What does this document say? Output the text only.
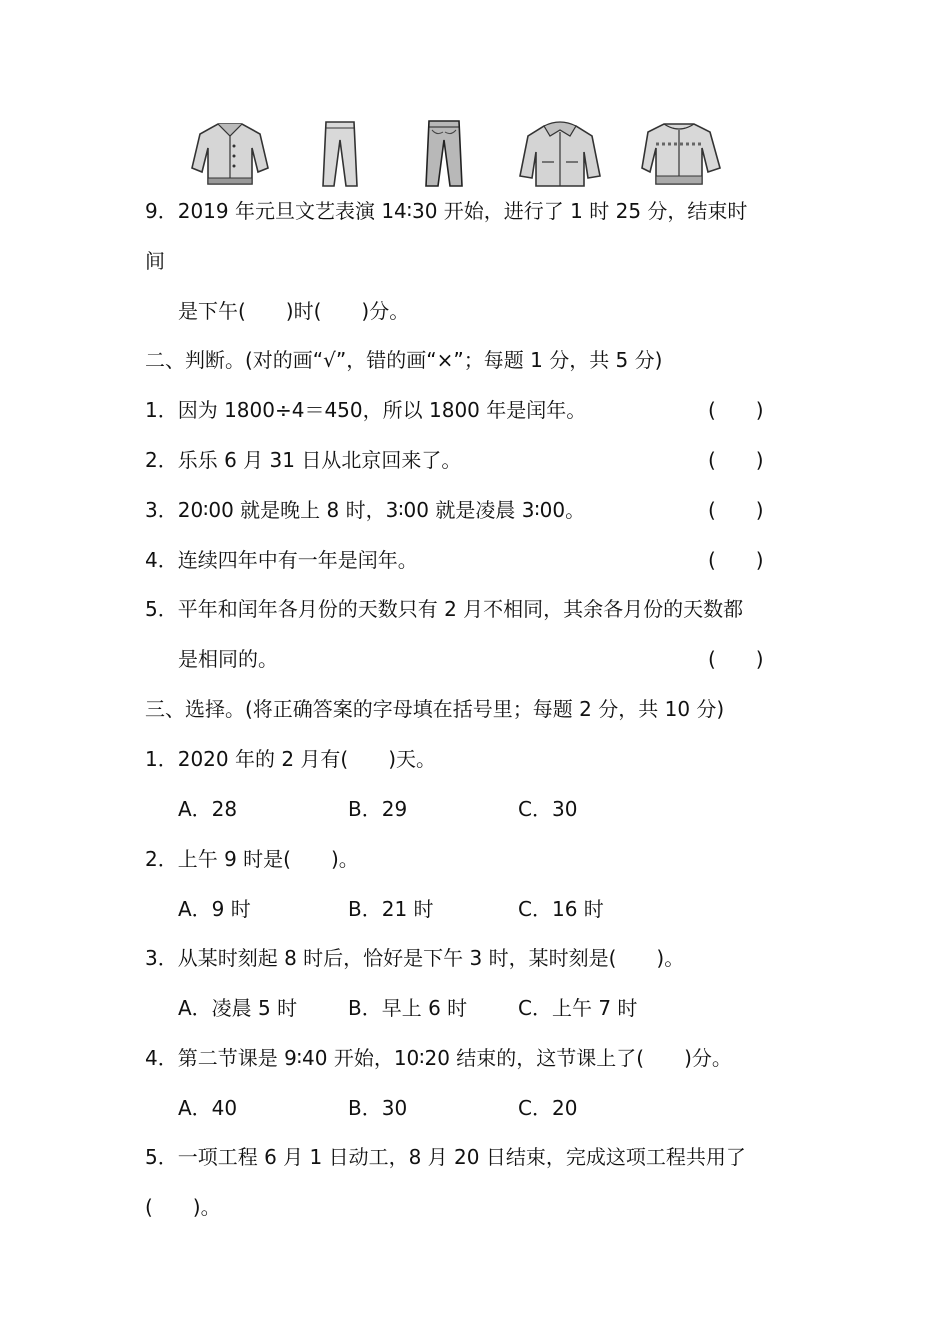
9．2019 年元旦文艺表演 14∶30 开始，进行了 1 时 25 分，结束时
间
是下午(　　)时(　　)分。
二、判断。(对的画“√”，错的画“×”；每题 1 分，共 5 分)
1．因为 1800÷4＝450，所以 1800 年是闰年。	(　　)
2．乐乐 6 月 31 日从北京回来了。	(　　)
3．20∶00 就是晚上 8 时，3∶00 就是凌晨 3∶00。	(　　)
4．连续四年中有一年是闰年。	(　　)
5．平年和闰年各月份的天数只有 2 月不相同，其余各月份的天数都
是相同的。	(　　)
三、选择。(将正确答案的字母填在括号里；每题 2 分，共 10 分)
1．2020 年的 2 月有(　　)天。
A．28	B．29	C．30
2．上午 9 时是(　　)。
A．9 时	B．21 时	C．16 时
3．从某时刻起 8 时后，恰好是下午 3 时，某时刻是(　　)。
A．凌晨 5 时	B．早上 6 时	C．上午 7 时
4．第二节课是 9∶40 开始，10∶20 结束的，这节课上了(　　)分。
A．40	B．30	C．20
5．一项工程 6 月 1 日动工，8 月 20 日结束，完成这项工程共用了
(　　)。
